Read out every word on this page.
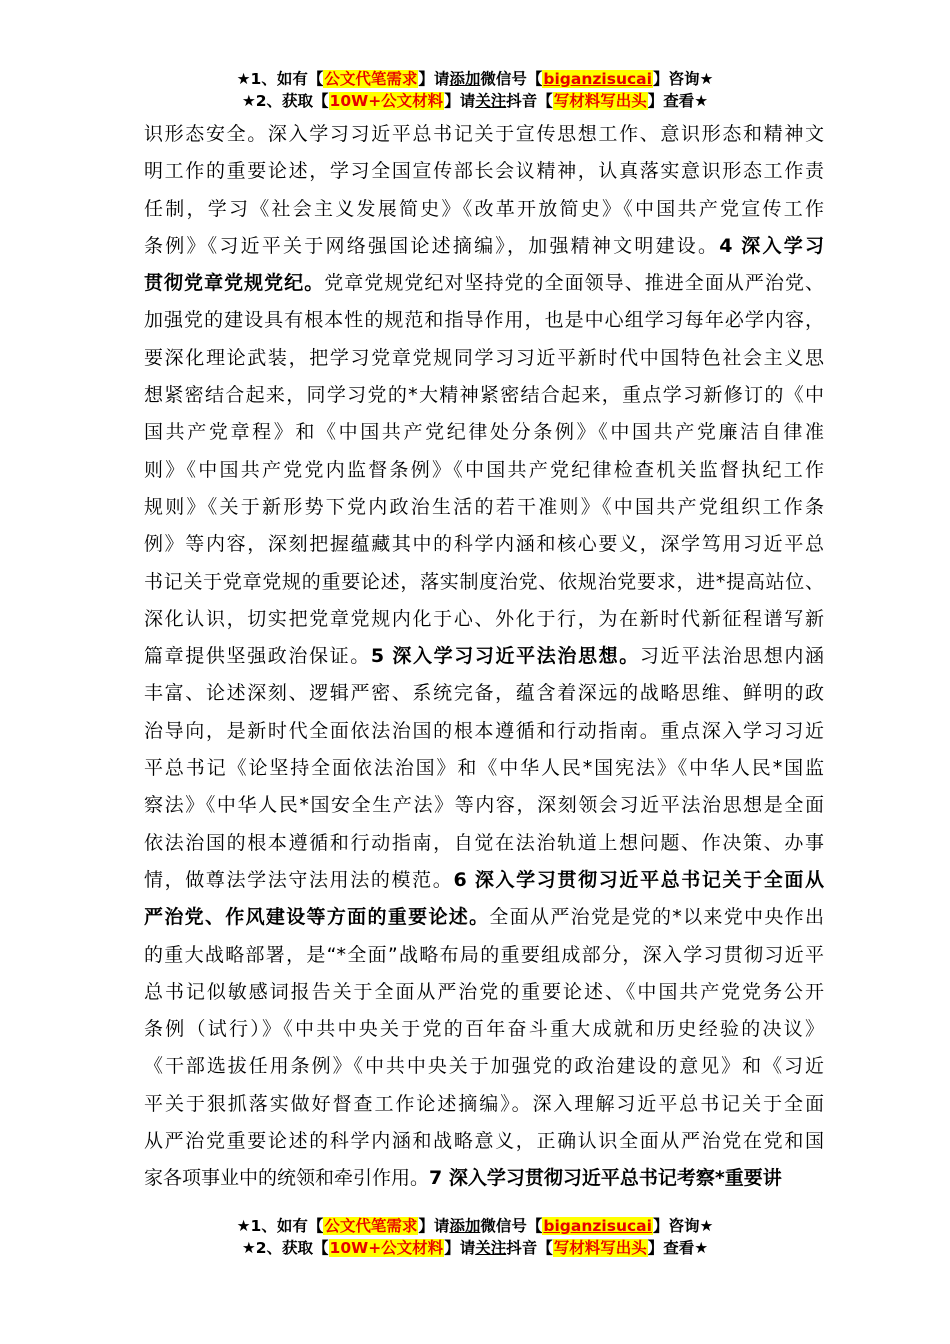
★1、如有【公文代笔需求】请添加微信号【biganzisucai】咨询★
★2、获取【10W+公文材料】请关注抖音【写材料写出头】查看★
识形态安全。深入学习习近平总书记关于宣传思想工作、意识形态和精神文
明工作的重要论述，学习全国宣传部长会议精神，认真落实意识形态工作责
任制，学习《社会主义发展简史》《改革开放简史》《中国共产党宣传工作
条例》《习近平关于网络强国论述摘编》，加强精神文明建设。4 深入学习
贯彻党章党规党纪。党章党规党纪对坚持党的全面领导、推进全面从严治党、
加强党的建设具有根本性的规范和指导作用，也是中心组学习每年必学内容，
要深化理论武装，把学习党章党规同学习习近平新时代中国特色社会主义思
想紧密结合起来，同学习党的*大精神紧密结合起来，重点学习新修订的《中
国共产党章程》和《中国共产党纪律处分条例》《中国共产党廉洁自律准
则》《中国共产党党内监督条例》《中国共产党纪律检查机关监督执纪工作
规则》《关于新形势下党内政治生活的若干准则》《中国共产党组织工作条
例》等内容，深刻把握蕴藏其中的科学内涵和核心要义，深学笃用习近平总
书记关于党章党规的重要论述，落实制度治党、依规治党要求，进*提高站位、
深化认识，切实把党章党规内化于心、外化于行，为在新时代新征程谱写新
篇章提供坚强政治保证。5 深入学习习近平法治思想。习近平法治思想内涵
丰富、论述深刻、逻辑严密、系统完备，蕴含着深远的战略思维、鲜明的政
治导向，是新时代全面依法治国的根本遵循和行动指南。重点深入学习习近
平总书记《论坚持全面依法治国》和《中华人民*国宪法》《中华人民*国监
察法》《中华人民*国安全生产法》等内容，深刻领会习近平法治思想是全面
依法治国的根本遵循和行动指南，自觉在法治轨道上想问题、作决策、办事
情，做尊法学法守法用法的模范。6 深入学习贯彻习近平总书记关于全面从
严治党、作风建设等方面的重要论述。全面从严治党是党的*以来党中央作出
的重大战略部署，是“*全面”战略布局的重要组成部分，深入学习贯彻习近平
总书记似敏感词报告关于全面从严治党的重要论述、《中国共产党党务公开
条例（试行）》《中共中央关于党的百年奋斗重大成就和历史经验的决议》
《干部选拔任用条例》《中共中央关于加强党的政治建设的意见》和《习近
平关于狠抓落实做好督查工作论述摘编》。深入理解习近平总书记关于全面
从严治党重要论述的科学内涵和战略意义，正确认识全面从严治党在党和国
家各项事业中的统领和牵引作用。7 深入学习贯彻习近平总书记考察*重要讲
★1、如有【公文代笔需求】请添加微信号【biganzisucai】咨询★
★2、获取【10W+公文材料】请关注抖音【写材料写出头】查看★
